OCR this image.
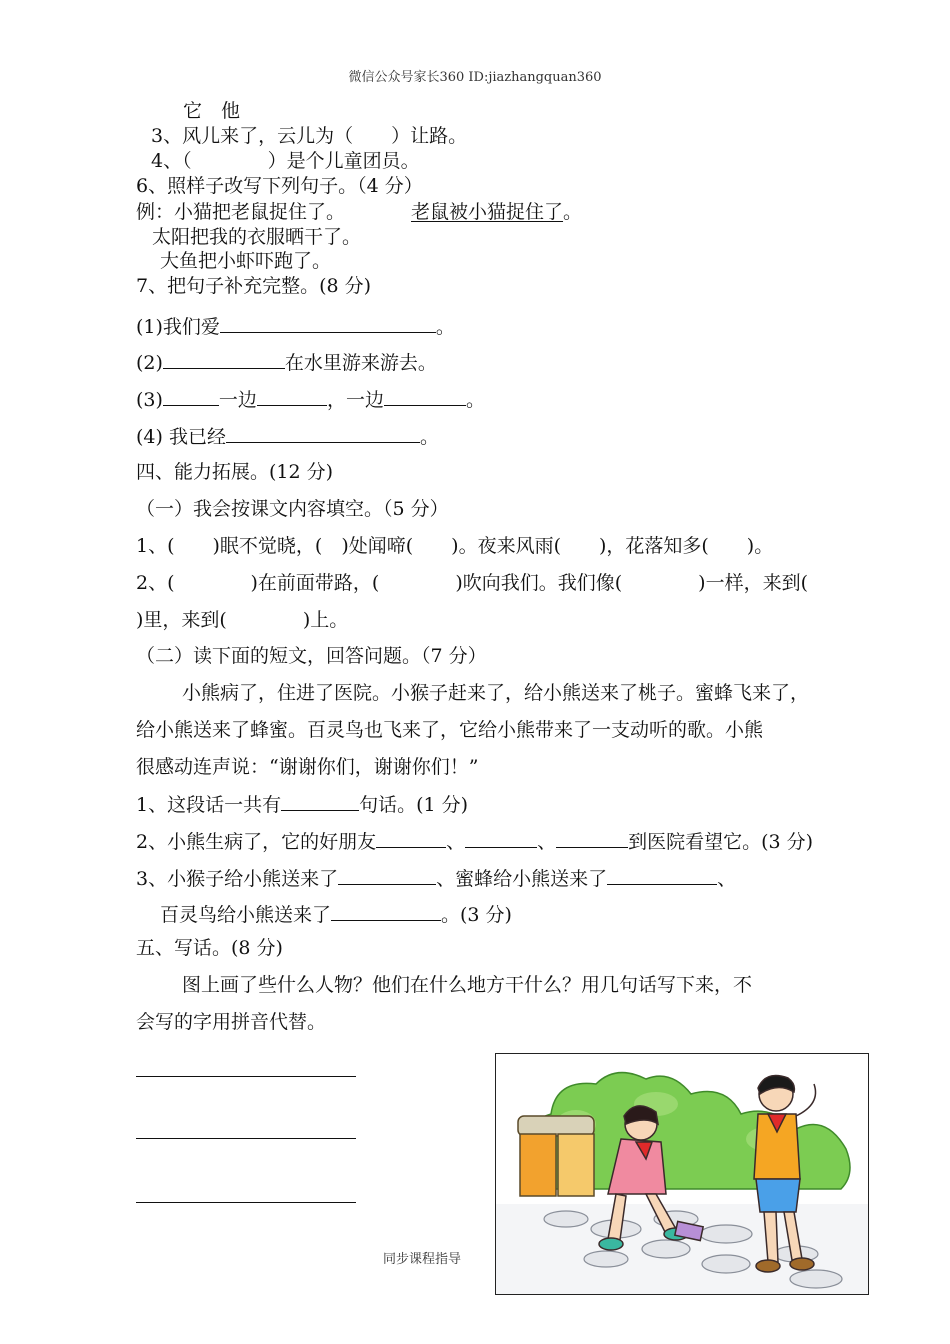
微信公众号家长360 ID:jiazhangquan360
它　他
3、风儿来了，云儿为（　　）让路。
4、（　　　　）是个儿童团员。
6、照样子改写下列句子。（4 分）
例：小猫把老鼠捉住了。	老鼠被小猫捉住了。
太阳把我的衣服晒干了。
大鱼把小虾吓跑了。
7、把句子补充完整。(8 分)
(1)我们爱	。
(2)	在水里游来游去。
(3)	一边	，一边	。
(4) 我已经	。
四、能力拓展。(12 分)
（一）我会按课文内容填空。（5 分）
1、(　　)眠不觉晓，(　)处闻啼(　　)。夜来风雨(　　)，花落知多(　　)。
2、(　　　　)在前面带路，(　　　　)吹向我们。我们像(　　　　)一样，来到(
)里，来到(　　　　)上。
（二）读下面的短文，回答问题。（7 分）
小熊病了，住进了医院。小猴子赶来了，给小熊送来了桃子。蜜蜂飞来了，
给小熊送来了蜂蜜。百灵鸟也飞来了，它给小熊带来了一支动听的歌。小熊
很感动连声说：“谢谢你们，谢谢你们！”
1、这段话一共有	句话。(1 分)
2、小熊生病了，它的好朋友	、	、	到医院看望它。(3 分)
3、小猴子给小熊送来了	、蜜蜂给小熊送来了	、
百灵鸟给小熊送来了	。(3 分)
五、写话。(8 分)
图上画了些什么人物？他们在什么地方干什么？用几句话写下来，不
会写的字用拼音代替。
同步课程指导
